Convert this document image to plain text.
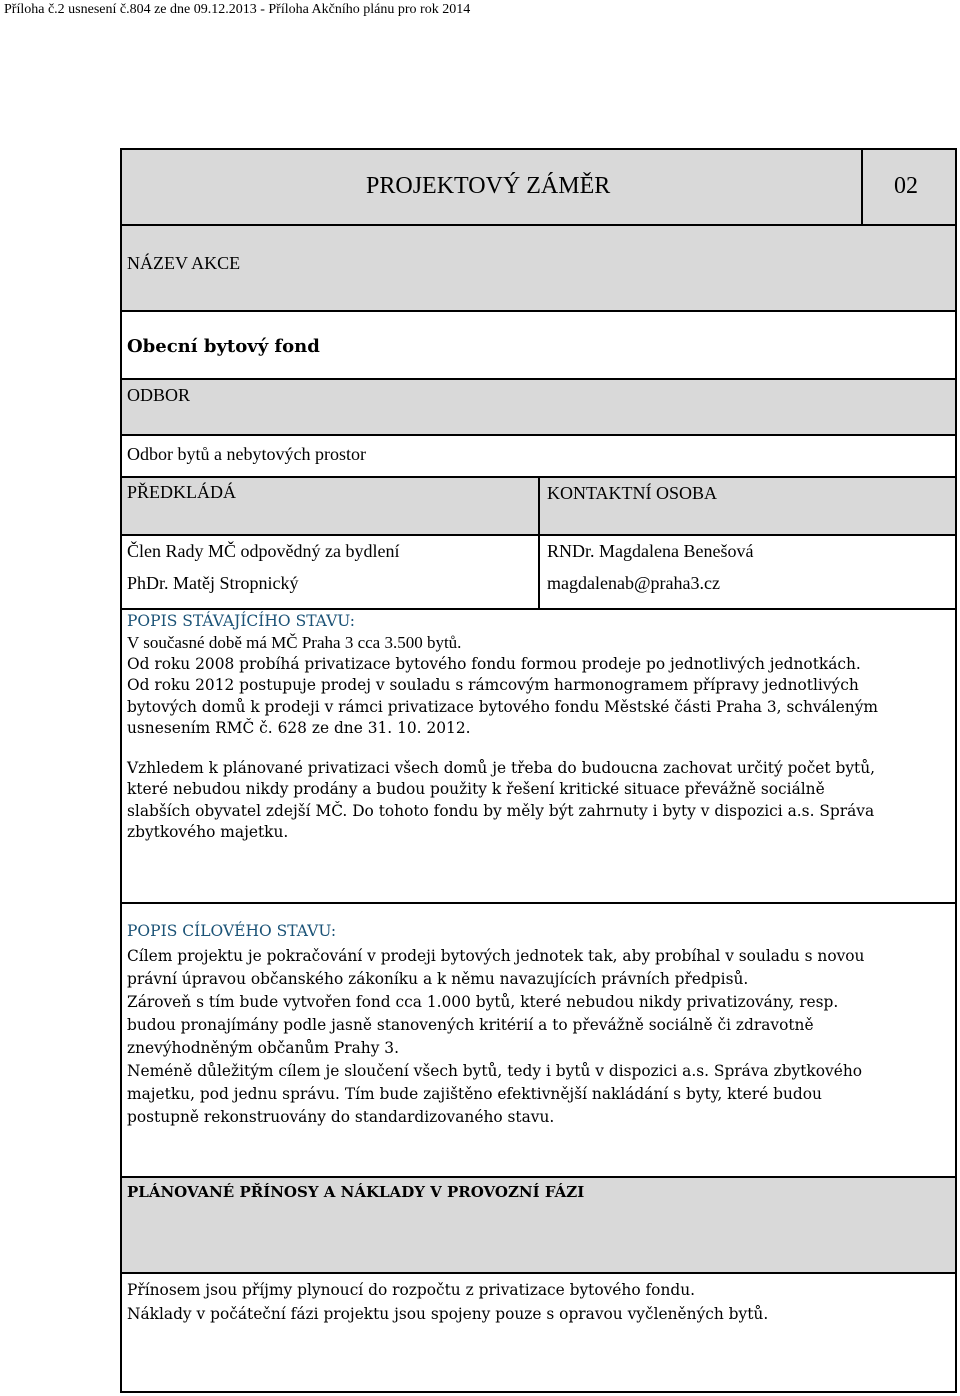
Příloha č.2 usnesení č.804 ze dne 09.12.2013 - Příloha Akčního plánu pro rok 2014
PROJEKTOVÝ ZÁMĚR	02
NÁZEV AKCE
Obecní bytový fond
ODBOR
Odbor bytů a nebytových prostor
PŘEDKLÁDÁ	KONTAKTNÍ OSOBA
Člen Rady MČ odpovědný za bydlení
PhDr. Matěj Stropnický
RNDr. Magdalena Benešová
magdalenab@praha3.cz
POPIS STÁVAJÍCÍHO STAVU:
V současné době má MČ Praha 3 cca 3.500 bytů.
Od roku 2008 probíhá privatizace bytového fondu formou prodeje po jednotlivých jednotkách.
Od roku 2012 postupuje prodej v souladu s rámcovým harmonogramem přípravy jednotlivých
bytových domů k prodeji v rámci privatizace bytového fondu Městské části Praha 3, schváleným
usnesením RMČ č. 628 ze dne 31. 10. 2012.
Vzhledem k plánované privatizaci všech domů je třeba do budoucna zachovat určitý počet bytů,
které nebudou nikdy prodány a budou použity k řešení kritické situace převážně sociálně
slabších obyvatel zdejší MČ. Do tohoto fondu by měly být zahrnuty i byty v dispozici a.s. Správa
zbytkového majetku.
POPIS CÍLOVÉHO STAVU:
Cílem projektu je pokračování v prodeji bytových jednotek tak, aby probíhal v souladu s novou
právní úpravou občanského zákoníku a k němu navazujících právních předpisů.
Zároveň s tím bude vytvořen fond cca 1.000 bytů, které nebudou nikdy privatizovány, resp.
budou pronajímány podle jasně stanovených kritérií a to převážně sociálně či zdravotně
znevýhodněným občanům Prahy 3.
Neméně důležitým cílem je sloučení všech bytů, tedy i bytů v dispozici a.s. Správa zbytkového
majetku, pod jednu správu. Tím bude zajištěno efektivnější nakládání s byty, které budou
postupně rekonstruovány do standardizovaného stavu.
PLÁNOVANÉ PŘÍNOSY A NÁKLADY V PROVOZNÍ FÁZI
Přínosem jsou příjmy plynoucí do rozpočtu z privatizace bytového fondu.
Náklady v počáteční fázi projektu jsou spojeny pouze s opravou vyčleněných bytů.
